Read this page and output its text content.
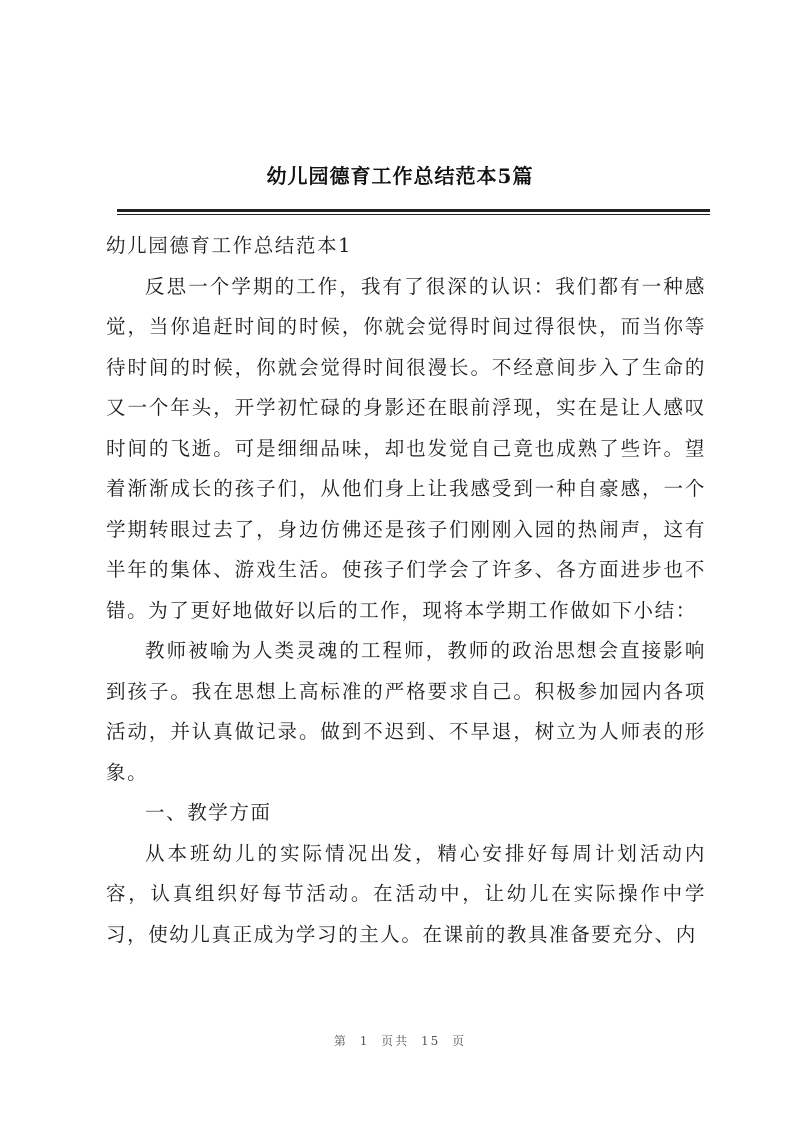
幼儿园德育工作总结范本5篇

幼儿园德育工作总结范本1

反思一个学期的工作，我有了很深的认识：我们都有一种感觉，当你追赶时间的时候，你就会觉得时间过得很快，而当你等待时间的时候，你就会觉得时间很漫长。不经意间步入了生命的又一个年头，开学初忙碌的身影还在眼前浮现，实在是让人感叹时间的飞逝。可是细细品味，却也发觉自己竟也成熟了些许。望着渐渐成长的孩子们，从他们身上让我感受到一种自豪感，一个学期转眼过去了，身边仿佛还是孩子们刚刚入园的热闹声，这有半年的集体、游戏生活。使孩子们学会了许多、各方面进步也不错。为了更好地做好以后的工作，现将本学期工作做如下小结：

教师被喻为人类灵魂的工程师，教师的政治思想会直接影响到孩子。我在思想上高标准的严格要求自己。积极参加园内各项活动，并认真做记录。做到不迟到、不早退，树立为人师表的形象。

一、教学方面

从本班幼儿的实际情况出发，精心安排好每周计划活动内容，认真组织好每节活动。在活动中，让幼儿在实际操作中学习，使幼儿真正成为学习的主人。在课前的教具准备要充分、内

第 1 页共 15 页
